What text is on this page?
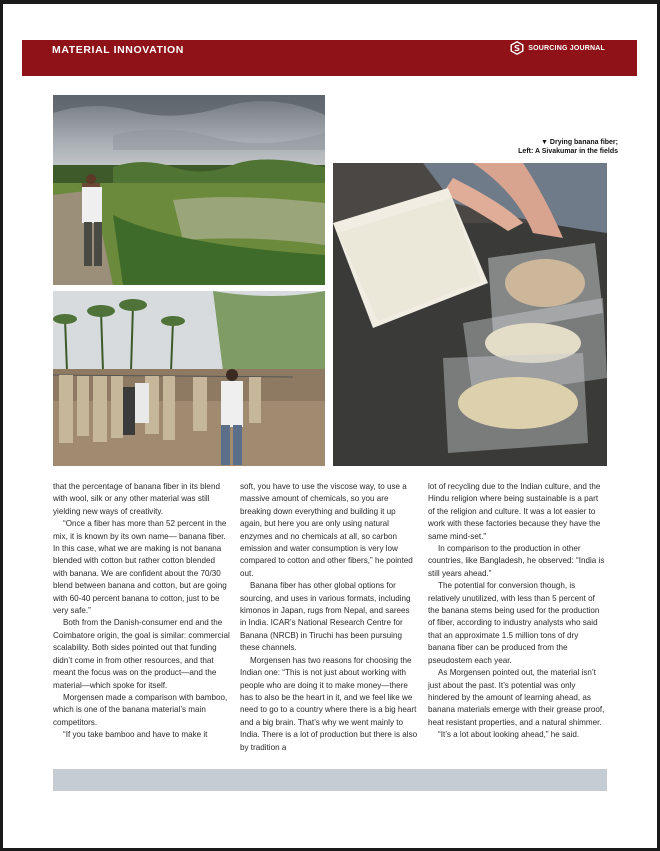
MATERIAL INNOVATION	SOURCING JOURNAL
▼ Drying banana fiber;
Left: A Sivakumar in the fields

that the percentage of banana fiber in its blend with wool, silk or any other material was still yielding new ways of creativity.

“Once a fiber has more than 52 percent in the mix, it is known by its own name— banana fiber. In this case, what we are making is not banana blended with cotton but rather cotton blended with banana. We are confident about the 70/30 blend between banana and cotton, but are going with 60-40 percent banana to cotton, just to be very safe.”

Both from the Danish-consumer end and the Coimbatore origin, the goal is similar: commercial scalability. Both sides pointed out that funding didn’t come in from other resources, and that meant the focus was on the product—and the material—which spoke for itself.

Morgensen made a comparison with bamboo, which is one of the banana material’s main competitors.

“If you take bamboo and have to make it

soft, you have to use the viscose way, to use a massive amount of chemicals, so you are breaking down everything and building it up again, but here you are only using natural enzymes and no chemicals at all, so carbon emission and water consumption is very low compared to cotton and other fibers,” he pointed out.

Banana fiber has other global options for sourcing, and uses in various formats, including kimonos in Japan, rugs from Nepal, and sarees in India. ICAR’s National Research Centre for Banana (NRCB) in Tiruchi has been pursuing these channels.

Morgensen has two reasons for choosing the Indian one: “This is not just about working with people who are doing it to make money—there has to also be the heart in it, and we feel like we need to go to a country where there is a big heart and a big brain. That’s why we went mainly to India. There is a lot of production but there is also by tradition a

lot of recycling due to the Indian culture, and the Hindu religion where being sustainable is a part of the religion and culture. It was a lot easier to work with these factories because they have the same mind-set.”

In comparison to the production in other countries, like Bangladesh, he observed: “India is still years ahead.”

The potential for conversion though, is relatively unutilized, with less than 5 percent of the banana stems being used for the production of fiber, according to industry analysts who said that an approximate 1.5 million tons of dry banana fiber can be produced from the pseudostem each year.

As Morgensen pointed out, the material isn’t just about the past. It’s potential was only hindered by the amount of learning ahead, as banana materials emerge with their grease proof, heat resistant properties, and a natural shimmer.

“It’s a lot about looking ahead,” he said.
